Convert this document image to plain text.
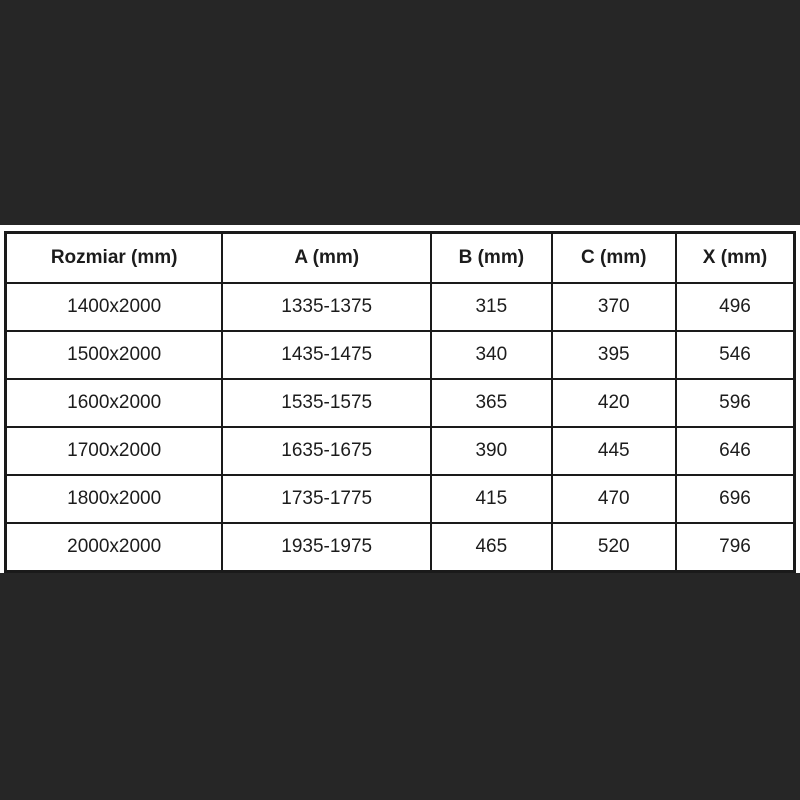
Rozmiar (mm)	A (mm)	B (mm)	C (mm)	X (mm)
1400x2000	1335-1375	315	370	496
1500x2000	1435-1475	340	395	546
1600x2000	1535-1575	365	420	596
1700x2000	1635-1675	390	445	646
1800x2000	1735-1775	415	470	696
2000x2000	1935-1975	465	520	796
